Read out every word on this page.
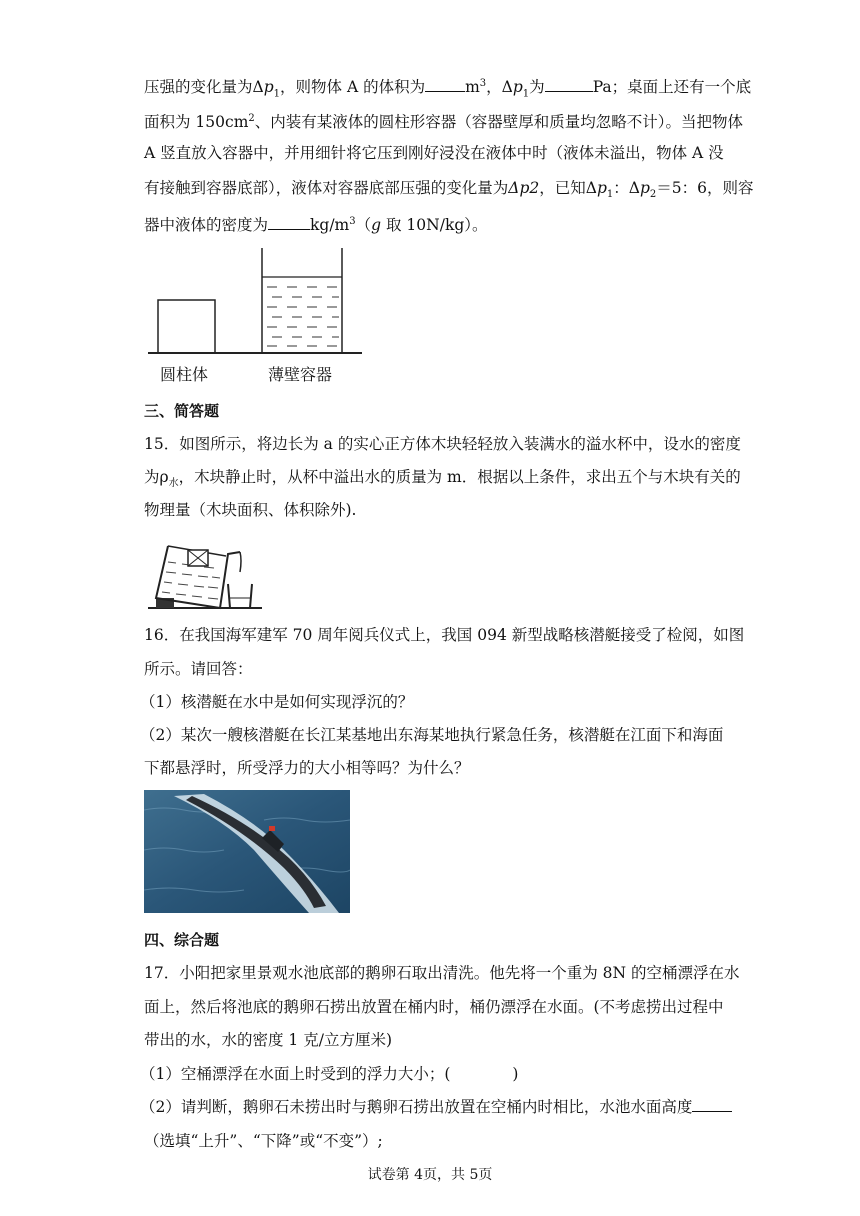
压强的变化量为$\Delta p_1$，则物体 A 的体积为	$m^3$，$\Delta p_1$为	Pa；桌面上还有一个底
面积为 $150cm^2$、内装有某液体的圆柱形容器（容器壁厚和质量均忽略不计）。当把物体
A 竖直放入容器中，并用细针将它压到刚好浸没在液体中时（液体未溢出，物体 A 没
有接触到容器底部），液体对容器底部压强的变化量为Δp2，已知$\Delta p_1$：$\Delta p_2=5$：6，则容
器中液体的密度为	$kg/m^3(g$ 取 10N/kg）。
圆柱体	薄壁容器
三、简答题
15．如图所示，将边长为 a 的实心正方体木块轻轻放入装满水的溢水杯中，设水的密度
为$\rho_水$，木块静止时，从杯中溢出水的质量为 m．根据以上条件，求出五个与木块有关的
物理量（木块面积、体积除外).
16．在我国海军建军 70 周年阅兵仪式上，我国 094 新型战略核潜艇接受了检阅，如图
所示。请回答：
（1）核潜艇在水中是如何实现浮沉的？
（2）某次一艘核潜艇在长江某基地出东海某地执行紧急任务，核潜艇在江面下和海面
下都悬浮时，所受浮力的大小相等吗？为什么？
四、综合题
17．小阳把家里景观水池底部的鹅卵石取出清洗。他先将一个重为 8N 的空桶漂浮在水
面上，然后将池底的鹅卵石捞出放置在桶内时，桶仍漂浮在水面。(不考虑捞出过程中
带出的水，水的密度 1 克/立方厘米)
（1）空桶漂浮在水面上时受到的浮力大小；(	)
（2）请判断，鹅卵石未捞出时与鹅卵石捞出放置在空桶内时相比，水池水面高度
（选填“上升”、“下降”或“不变”）;
试卷第 4页，共 5页
